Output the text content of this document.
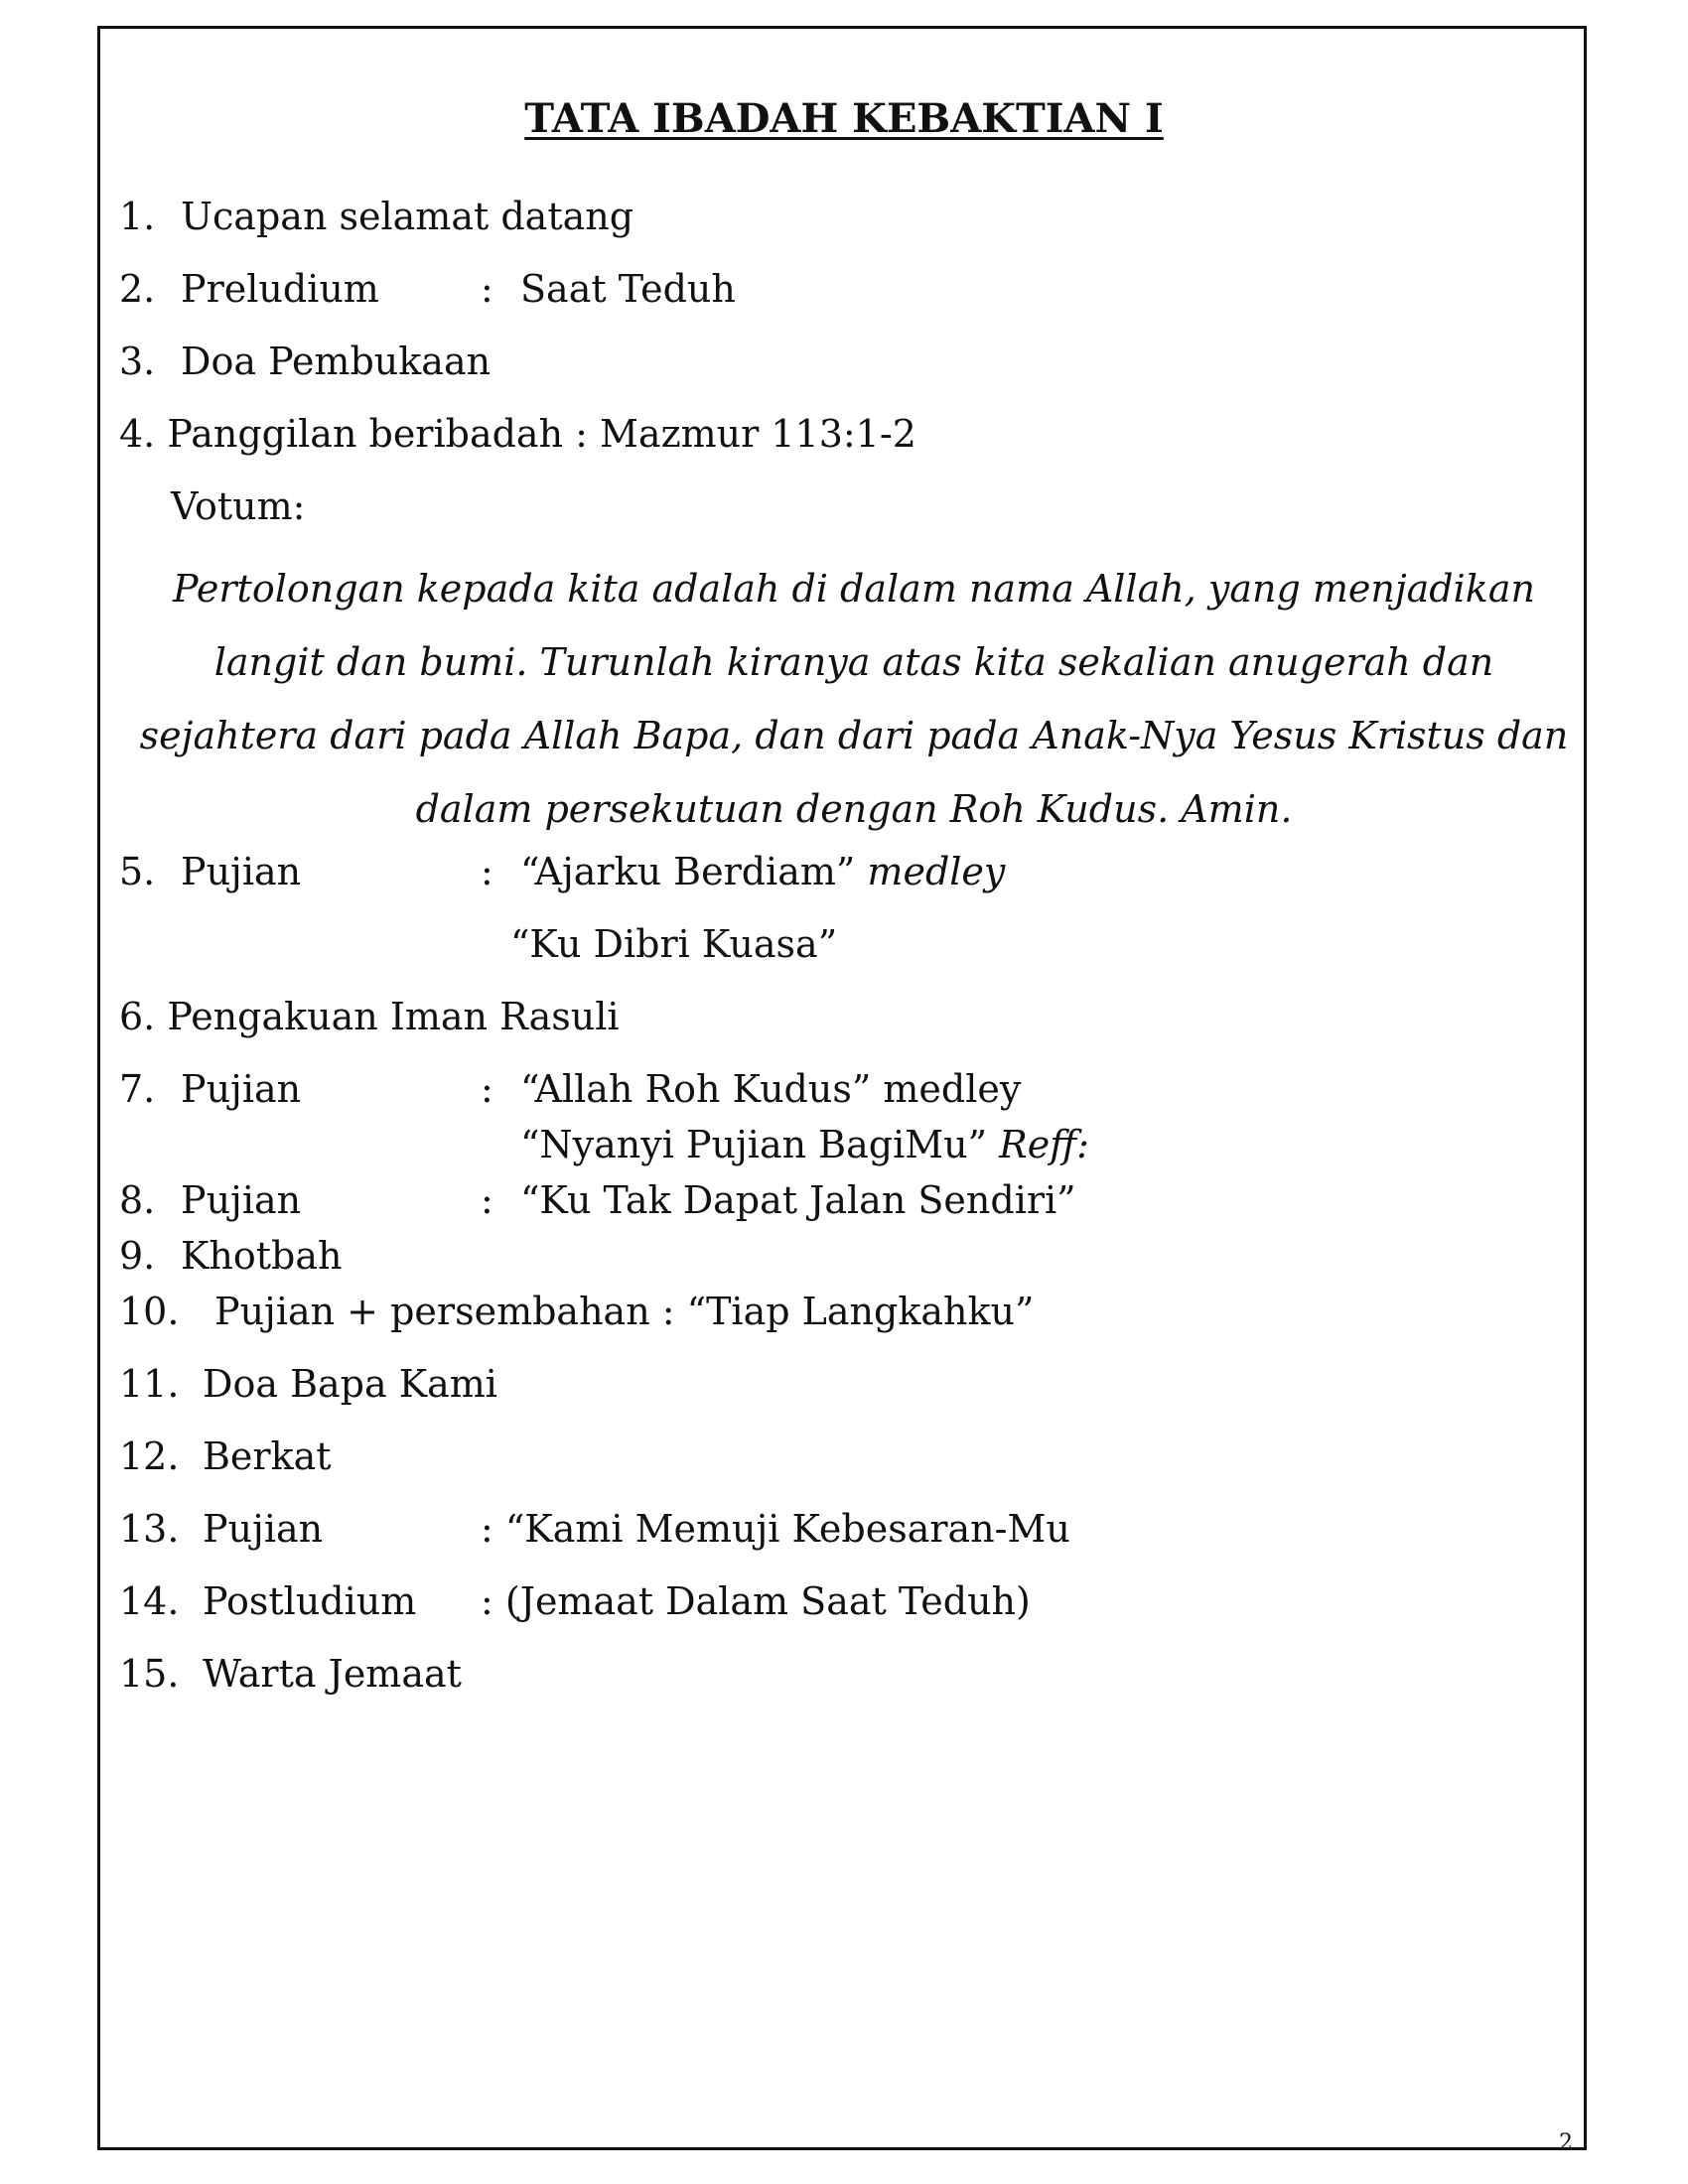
TATA IBADAH KEBAKTIAN I
1. Ucapan selamat datang
2. Preludium	: Saat Teduh
3. Doa Pembukaan
4. Panggilan beribadah : Mazmur 113:1-2
Votum:
Pertolongan kepada kita adalah di dalam nama Allah, yang menjadikan langit dan bumi. Turunlah kiranya atas kita sekalian anugerah dan sejahtera dari pada Allah Bapa, dan dari pada Anak-Nya Yesus Kristus dan dalam persekutuan dengan Roh Kudus. Amin.
5. Pujian	: “Ajarku Berdiam” medley
“Ku Dibri Kuasa”
6. Pengakuan Iman Rasuli
7. Pujian	: “Allah Roh Kudus” medley
“Nyanyi Pujian BagiMu” Reff:
8. Pujian	: “Ku Tak Dapat Jalan Sendiri”
9. Khotbah
10. Pujian + persembahan : “Tiap Langkahku”
11. Doa Bapa Kami
12. Berkat
13. Pujian	: “Kami Memuji Kebesaran-Mu
14. Postludium : (Jemaat Dalam Saat Teduh)
15. Warta Jemaat
2
